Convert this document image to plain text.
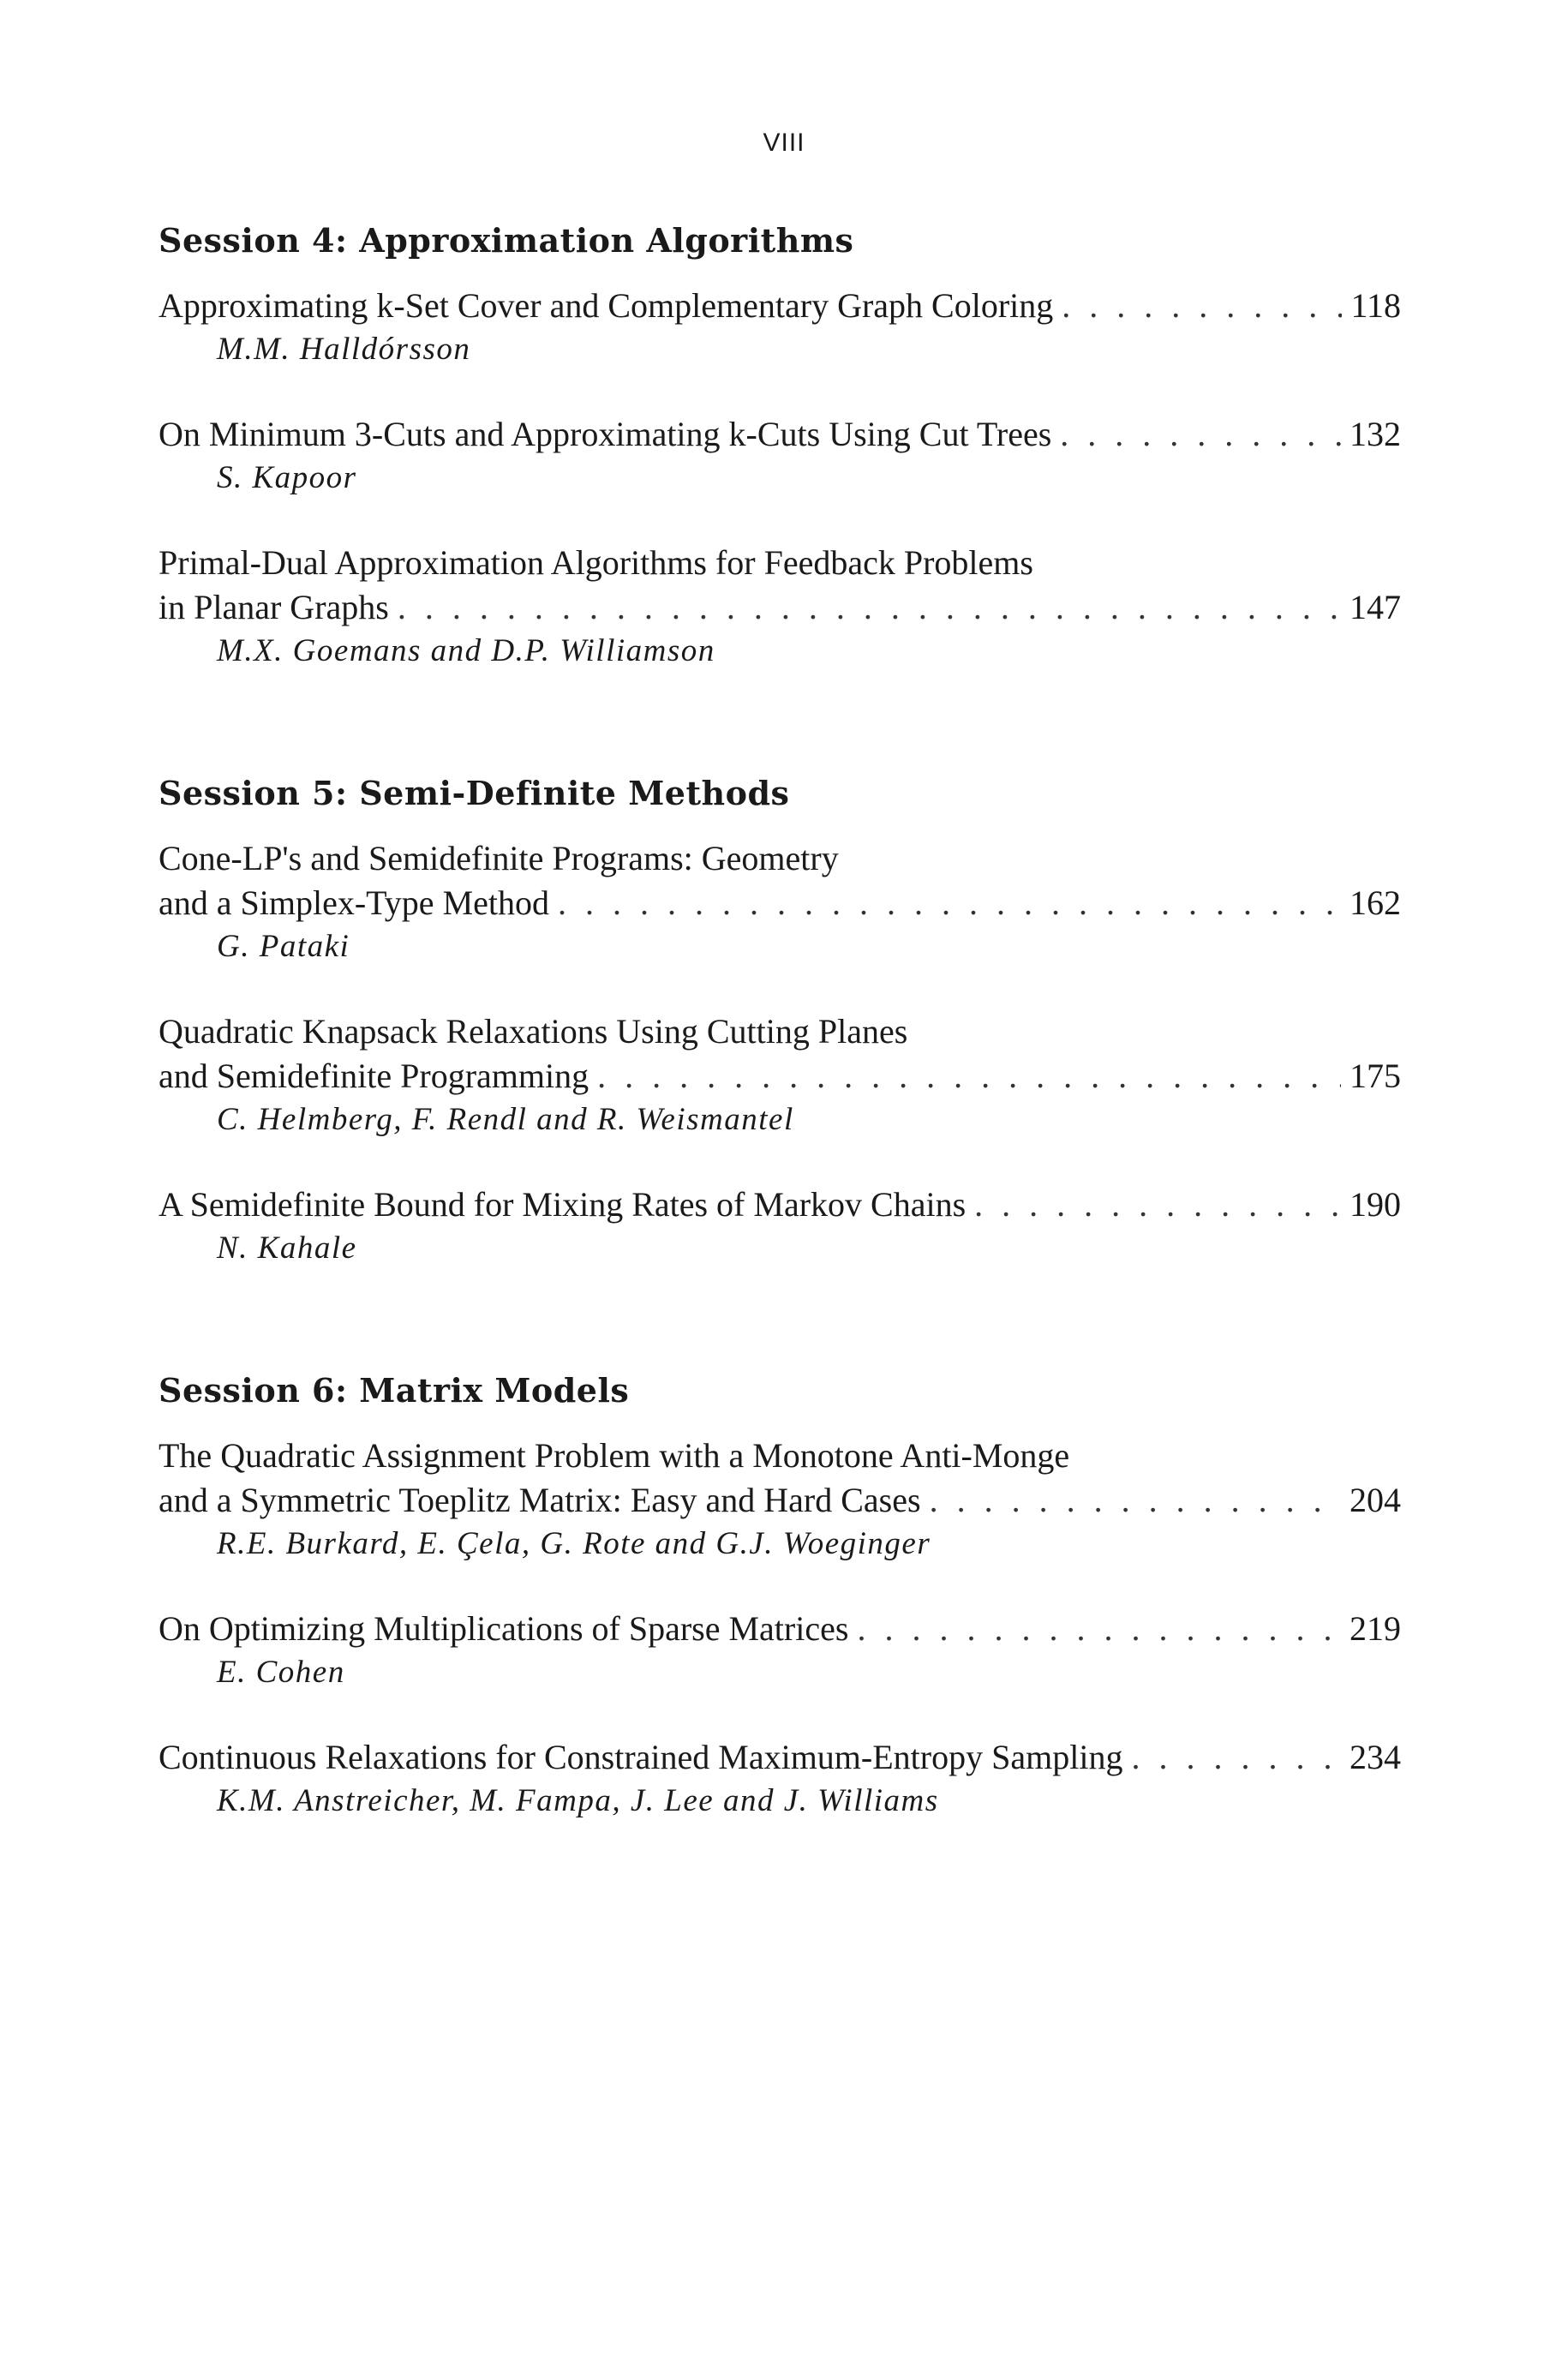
VIII
Session 4: Approximation Algorithms
Approximating k-Set Cover and Complementary Graph Coloring . . .	118
M.M. Halldórsson
On Minimum 3-Cuts and Approximating k-Cuts Using Cut Trees . . .	132
S. Kapoor
Primal-Dual Approximation Algorithms for Feedback Problems
in Planar Graphs . . .	147
M.X. Goemans and D.P. Williamson
Session 5: Semi-Definite Methods
Cone-LP's and Semidefinite Programs: Geometry
and a Simplex-Type Method . . .	162
G. Pataki
Quadratic Knapsack Relaxations Using Cutting Planes
and Semidefinite Programming . . .	175
C. Helmberg, F. Rendl and R. Weismantel
A Semidefinite Bound for Mixing Rates of Markov Chains . . .	190
N. Kahale
Session 6: Matrix Models
The Quadratic Assignment Problem with a Monotone Anti-Monge
and a Symmetric Toeplitz Matrix: Easy and Hard Cases . . .	204
R.E. Burkard, E. Çela, G. Rote and G.J. Woeginger
On Optimizing Multiplications of Sparse Matrices . . .	219
E. Cohen
Continuous Relaxations for Constrained Maximum-Entropy Sampling . . .	234
K.M. Anstreicher, M. Fampa, J. Lee and J. Williams
